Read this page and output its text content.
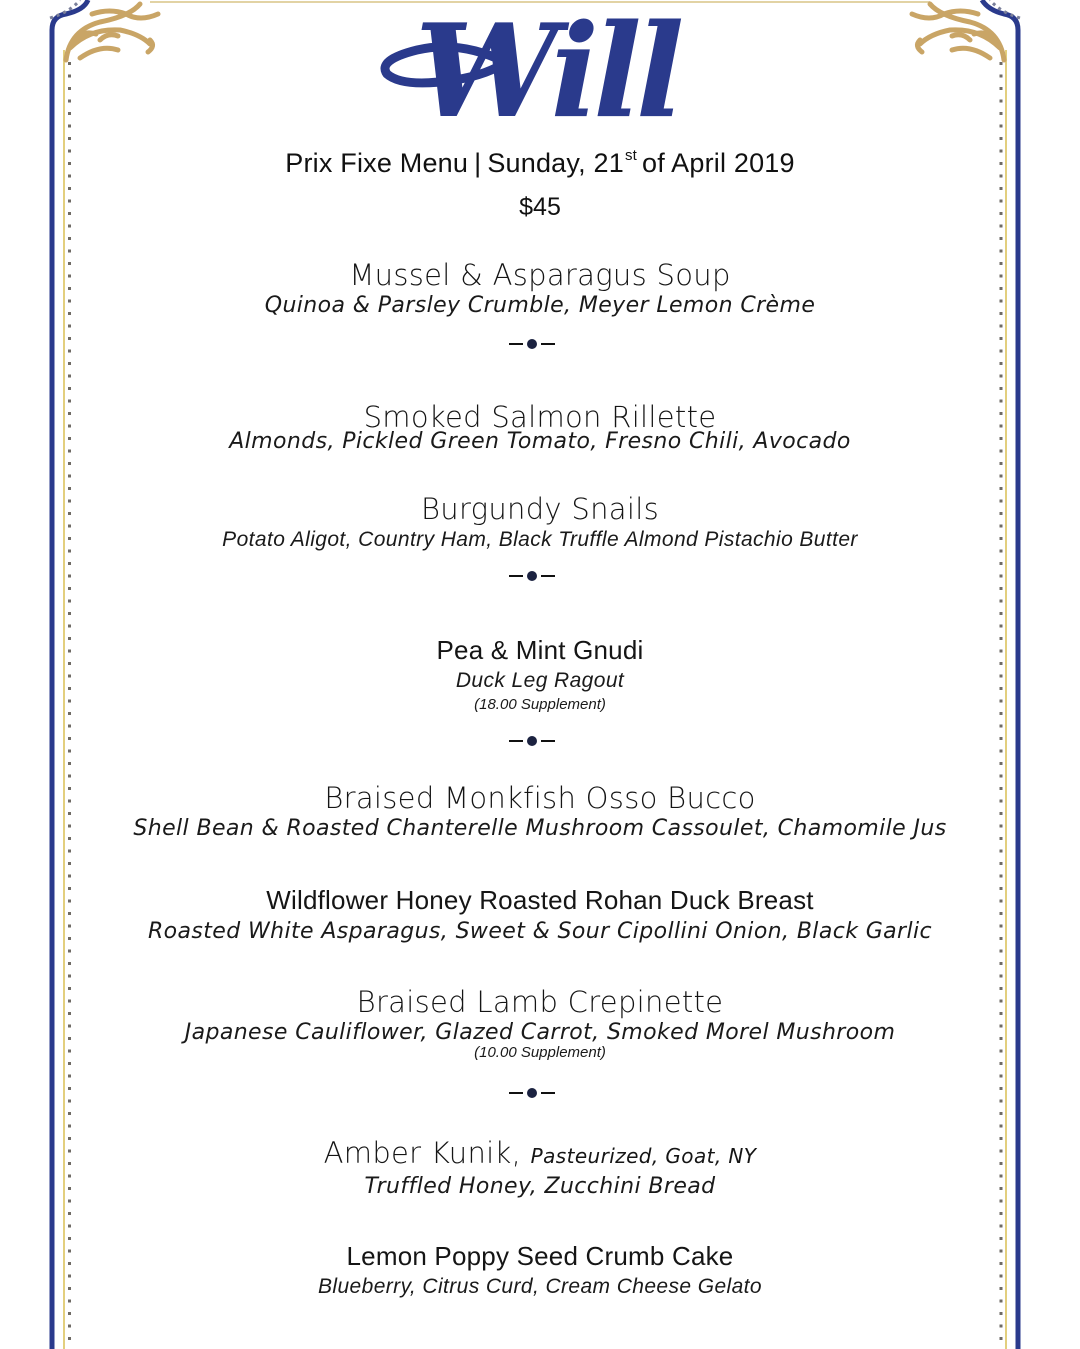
Will
Prix Fixe Menu | Sunday, 21st of April 2019
$45
Mussel & Asparagus Soup
Quinoa & Parsley Crumble, Meyer Lemon Crème
Smoked Salmon Rillette
Almonds, Pickled Green Tomato, Fresno Chili, Avocado
Burgundy Snails
Potato Aligot, Country Ham, Black Truffle Almond Pistachio Butter
Pea & Mint Gnudi
Duck Leg Ragout
(18.00 Supplement)
Braised Monkfish Osso Bucco
Shell Bean & Roasted Chanterelle Mushroom Cassoulet, Chamomile Jus
Wildflower Honey Roasted Rohan Duck Breast
Roasted White Asparagus, Sweet & Sour Cipollini Onion, Black Garlic
Braised Lamb Crepinette
Japanese Cauliflower, Glazed Carrot, Smoked Morel Mushroom
(10.00 Supplement)
Amber Kunik, Pasteurized, Goat, NY
Truffled Honey, Zucchini Bread
Lemon Poppy Seed Crumb Cake
Blueberry, Citrus Curd, Cream Cheese Gelato
